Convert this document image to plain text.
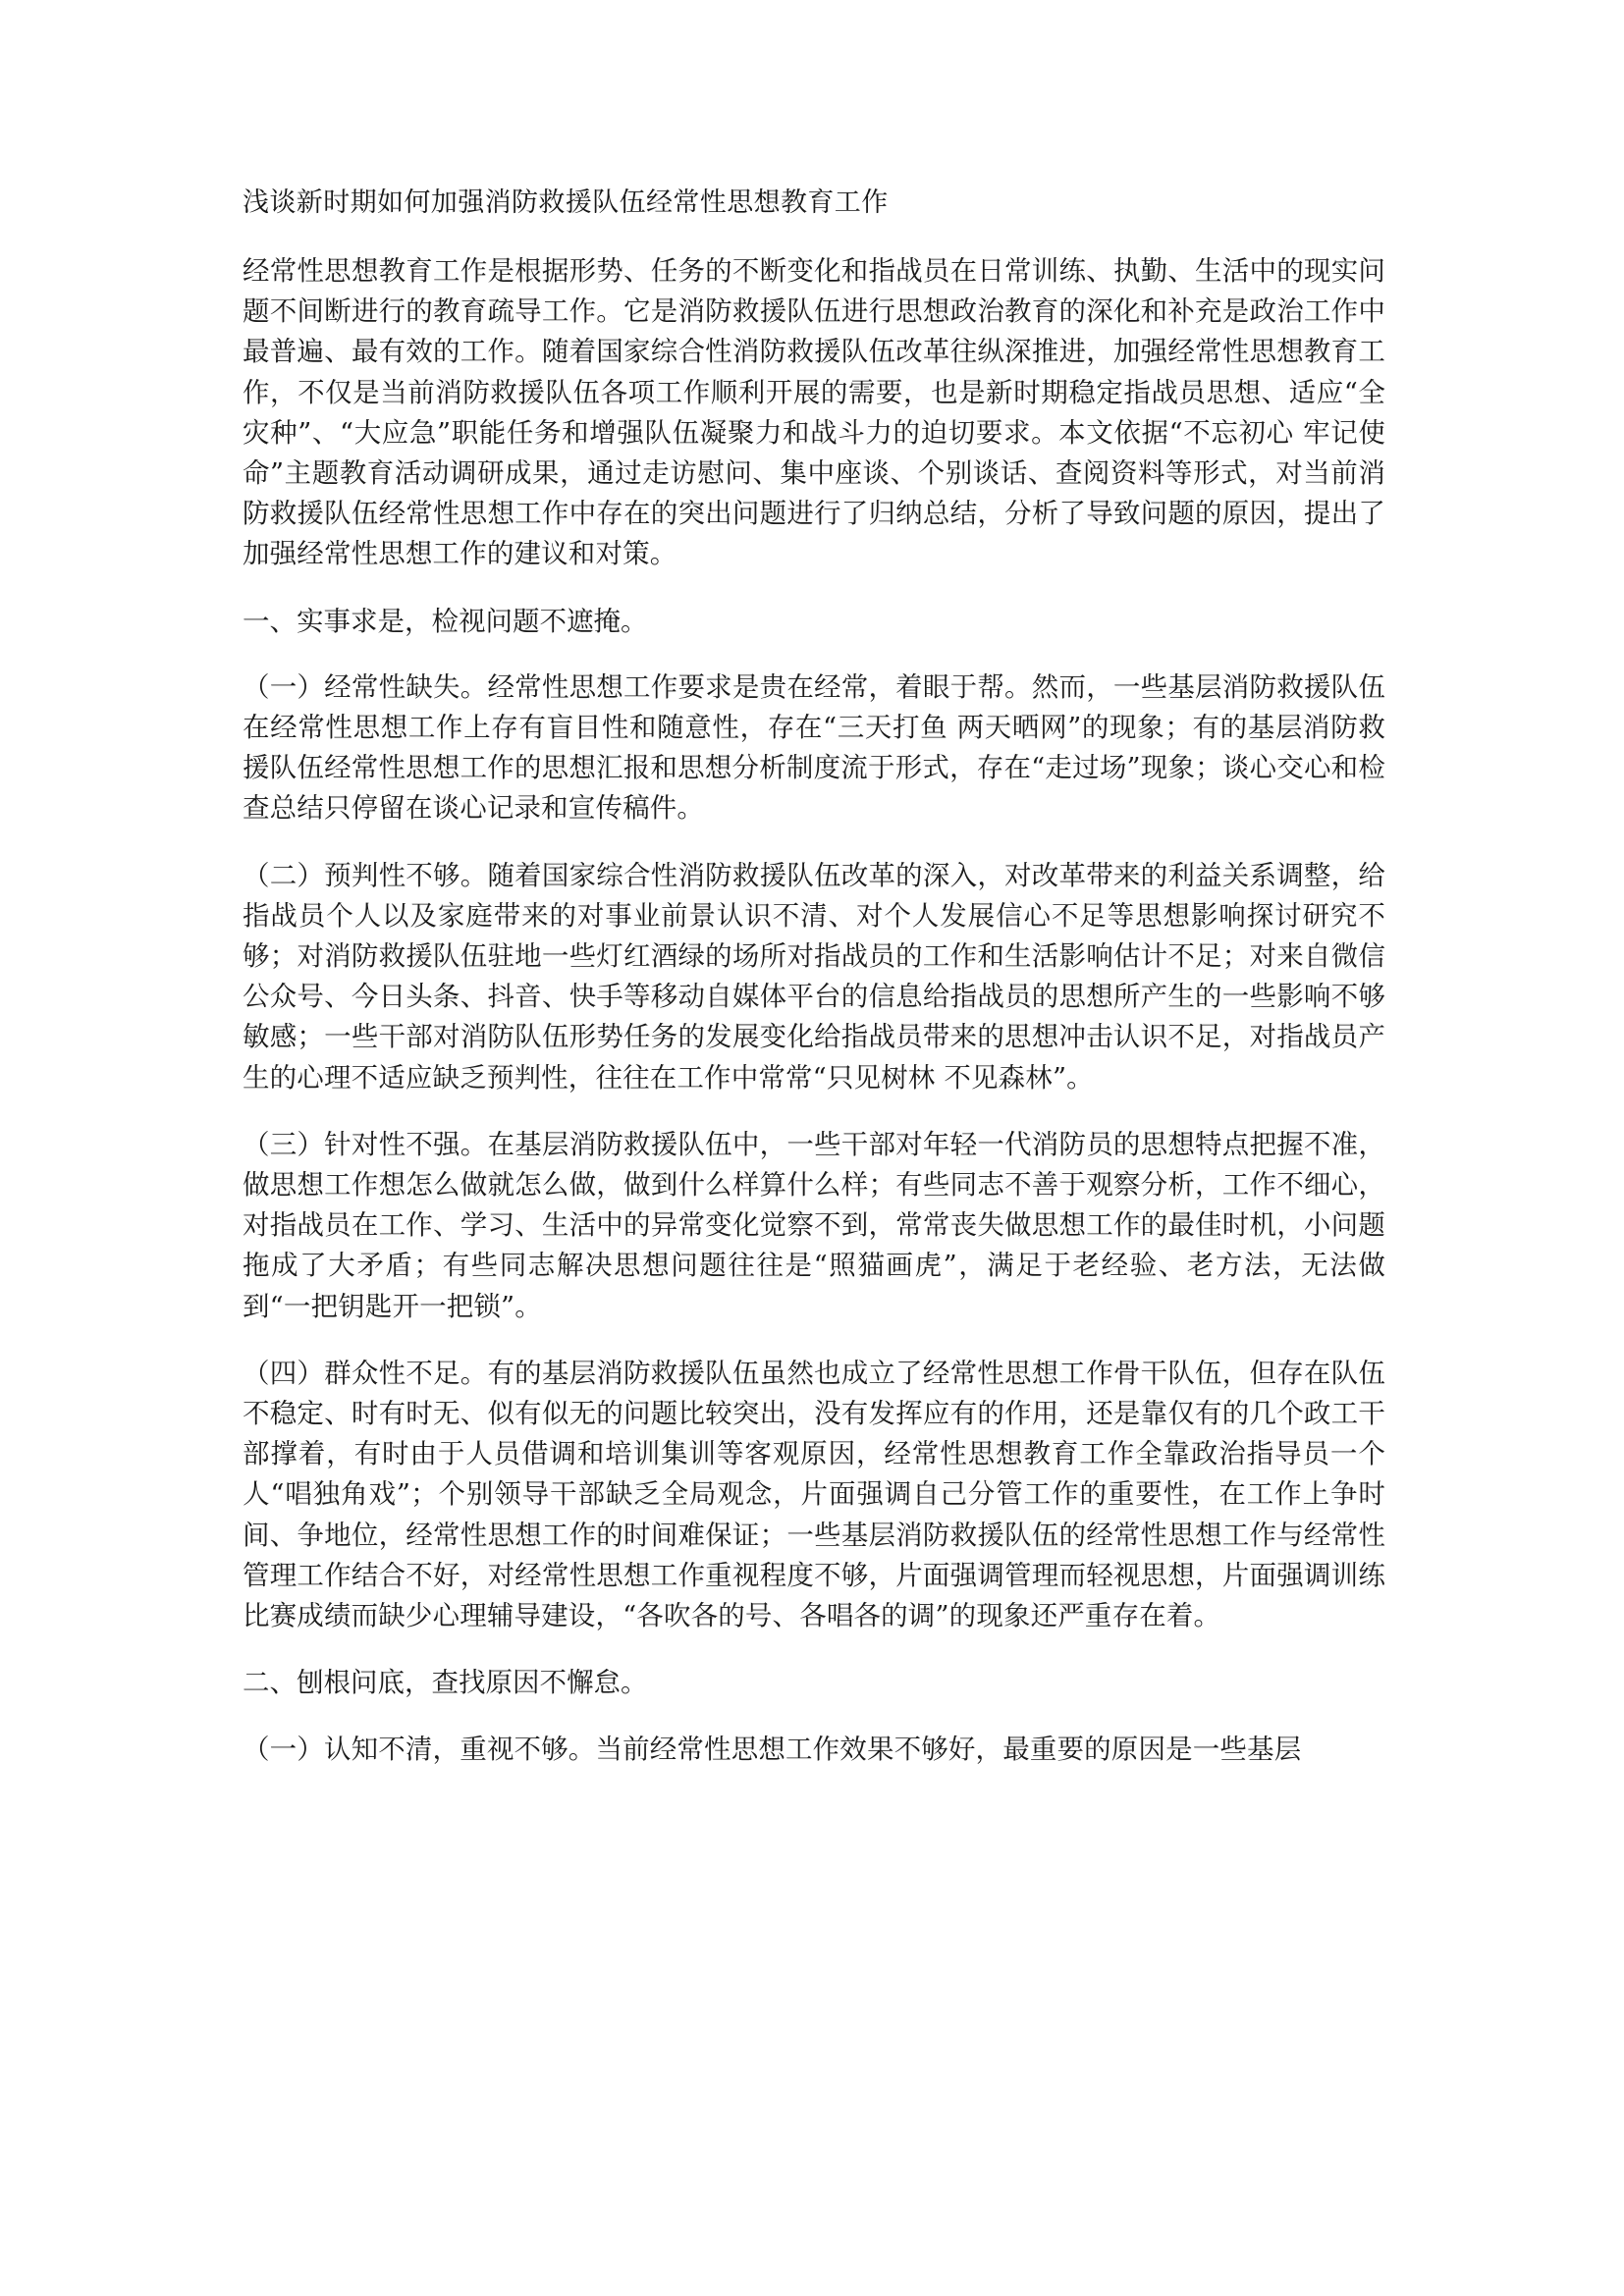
浅谈新时期如何加强消防救援队伍经常性思想教育工作

经常性思想教育工作是根据形势、任务的不断变化和指战员在日常训练、执勤、生活中的现实问题不间断进行的教育疏导工作。它是消防救援队伍进行思想政治教育的深化和补充是政治工作中最普遍、最有效的工作。随着国家综合性消防救援队伍改革往纵深推进，加强经常性思想教育工作，不仅是当前消防救援队伍各项工作顺利开展的需要，也是新时期稳定指战员思想、适应“全灾种”、“大应急”职能任务和增强队伍凝聚力和战斗力的迫切要求。本文依据“不忘初心 牢记使命”主题教育活动调研成果，通过走访慰问、集中座谈、个别谈话、查阅资料等形式，对当前消防救援队伍经常性思想工作中存在的突出问题进行了归纳总结，分析了导致问题的原因，提出了加强经常性思想工作的建议和对策。

一、实事求是，检视问题不遮掩。

（一）经常性缺失。经常性思想工作要求是贵在经常，着眼于帮。然而，一些基层消防救援队伍在经常性思想工作上存有盲目性和随意性，存在“三天打鱼 两天晒网”的现象；有的基层消防救援队伍经常性思想工作的思想汇报和思想分析制度流于形式，存在“走过场”现象；谈心交心和检查总结只停留在谈心记录和宣传稿件。

（二）预判性不够。随着国家综合性消防救援队伍改革的深入，对改革带来的利益关系调整，给指战员个人以及家庭带来的对事业前景认识不清、对个人发展信心不足等思想影响探讨研究不够；对消防救援队伍驻地一些灯红酒绿的场所对指战员的工作和生活影响估计不足；对来自微信公众号、今日头条、抖音、快手等移动自媒体平台的信息给指战员的思想所产生的一些影响不够敏感；一些干部对消防队伍形势任务的发展变化给指战员带来的思想冲击认识不足，对指战员产生的心理不适应缺乏预判性，往往在工作中常常“只见树林 不见森林”。

（三）针对性不强。在基层消防救援队伍中，一些干部对年轻一代消防员的思想特点把握不准，做思想工作想怎么做就怎么做，做到什么样算什么样；有些同志不善于观察分析，工作不细心，对指战员在工作、学习、生活中的异常变化觉察不到，常常丧失做思想工作的最佳时机，小问题拖成了大矛盾；有些同志解决思想问题往往是“照猫画虎”，满足于老经验、老方法，无法做到“一把钥匙开一把锁”。

（四）群众性不足。有的基层消防救援队伍虽然也成立了经常性思想工作骨干队伍，但存在队伍不稳定、时有时无、似有似无的问题比较突出，没有发挥应有的作用，还是靠仅有的几个政工干部撑着，有时由于人员借调和培训集训等客观原因，经常性思想教育工作全靠政治指导员一个人“唱独角戏”；个别领导干部缺乏全局观念，片面强调自己分管工作的重要性，在工作上争时间、争地位，经常性思想工作的时间难保证；一些基层消防救援队伍的经常性思想工作与经常性管理工作结合不好，对经常性思想工作重视程度不够，片面强调管理而轻视思想，片面强调训练比赛成绩而缺少心理辅导建设，“各吹各的号、各唱各的调”的现象还严重存在着。

二、刨根问底，查找原因不懈怠。

（一）认知不清，重视不够。当前经常性思想工作效果不够好，最重要的原因是一些基层
